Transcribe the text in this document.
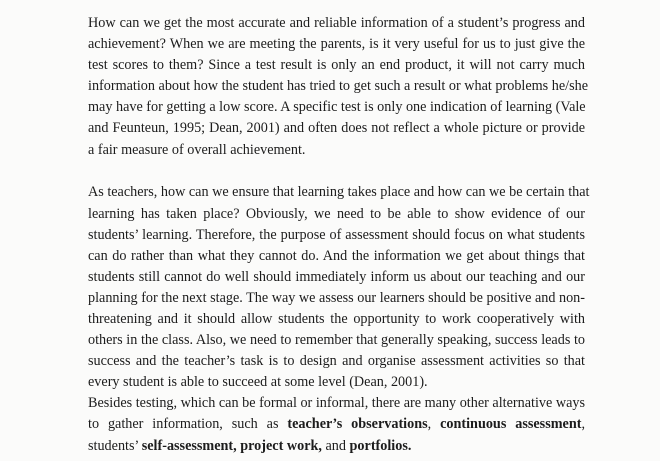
How can we get the most accurate and reliable information of a student’s progress and
achievement? When we are meeting the parents, is it very useful for us to just give the
test scores to them? Since a test result is only an end product, it will not carry much
information about how the student has tried to get such a result or what problems he/she
may have for getting a low score. A specific test is only one indication of learning (Vale
and Feunteun, 1995; Dean, 2001) and often does not reflect a whole picture or provide
a fair measure of overall achievement.
As teachers, how can we ensure that learning takes place and how can we be certain that
learning has taken place? Obviously, we need to be able to show evidence of our
students’ learning. Therefore, the purpose of assessment should focus on what students
can do rather than what they cannot do. And the information we get about things that
students still cannot do well should immediately inform us about our teaching and our
planning for the next stage. The way we assess our learners should be positive and non-
threatening and it should allow students the opportunity to work cooperatively with
others in the class. Also, we need to remember that generally speaking, success leads to
success and the teacher’s task is to design and organise assessment activities so that
every student is able to succeed at some level (Dean, 2001).
Besides testing, which can be formal or informal, there are many other alternative ways
to gather information, such as teacher’s observations, continuous assessment,
students’ self-assessment, project work, and portfolios.
